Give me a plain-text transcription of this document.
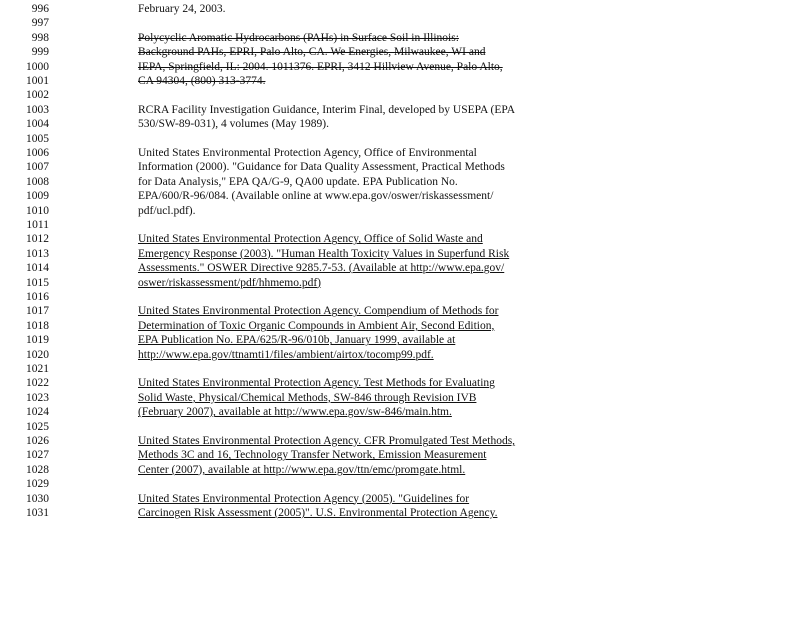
996	February 24, 2003.
997
998	Polycyclic Aromatic Hydrocarbons (PAHs) in Surface Soil in Illinois:
999	Background PAHs, EPRI, Palo Alto, CA. We Energies, Milwaukee, WI and
1000	IEPA, Springfield, IL: 2004. 1011376. EPRI, 3412 Hillview Avenue, Palo Alto,
1001	CA 94304, (800) 313-3774.
1002
1003	RCRA Facility Investigation Guidance, Interim Final, developed by USEPA (EPA
1004	530/SW-89-031), 4 volumes (May 1989).
1005
1006	United States Environmental Protection Agency, Office of Environmental
1007	Information (2000). "Guidance for Data Quality Assessment, Practical Methods
1008	for Data Analysis," EPA QA/G-9, QA00 update. EPA Publication No.
1009	EPA/600/R-96/084. (Available online at www.epa.gov/oswer/riskassessment/
1010	pdf/ucl.pdf).
1011
1012	United States Environmental Protection Agency, Office of Solid Waste and
1013	Emergency Response (2003). "Human Health Toxicity Values in Superfund Risk
1014	Assessments." OSWER Directive 9285.7-53. (Available at http://www.epa.gov/
1015	oswer/riskassessment/pdf/hhmemo.pdf)
1016
1017	United States Environmental Protection Agency. Compendium of Methods for
1018	Determination of Toxic Organic Compounds in Ambient Air, Second Edition,
1019	EPA Publication No. EPA/625/R-96/010b, January 1999, available at
1020	http://www.epa.gov/ttnamti1/files/ambient/airtox/tocomp99.pdf.
1021
1022	United States Environmental Protection Agency. Test Methods for Evaluating
1023	Solid Waste, Physical/Chemical Methods, SW-846 through Revision IVB
1024	(February 2007), available at http://www.epa.gov/sw-846/main.htm.
1025
1026	United States Environmental Protection Agency. CFR Promulgated Test Methods,
1027	Methods 3C and 16, Technology Transfer Network, Emission Measurement
1028	Center (2007), available at http://www.epa.gov/ttn/emc/promgate.html.
1029
1030	United States Environmental Protection Agency (2005). "Guidelines for
1031	Carcinogen Risk Assessment (2005)". U.S. Environmental Protection Agency.
